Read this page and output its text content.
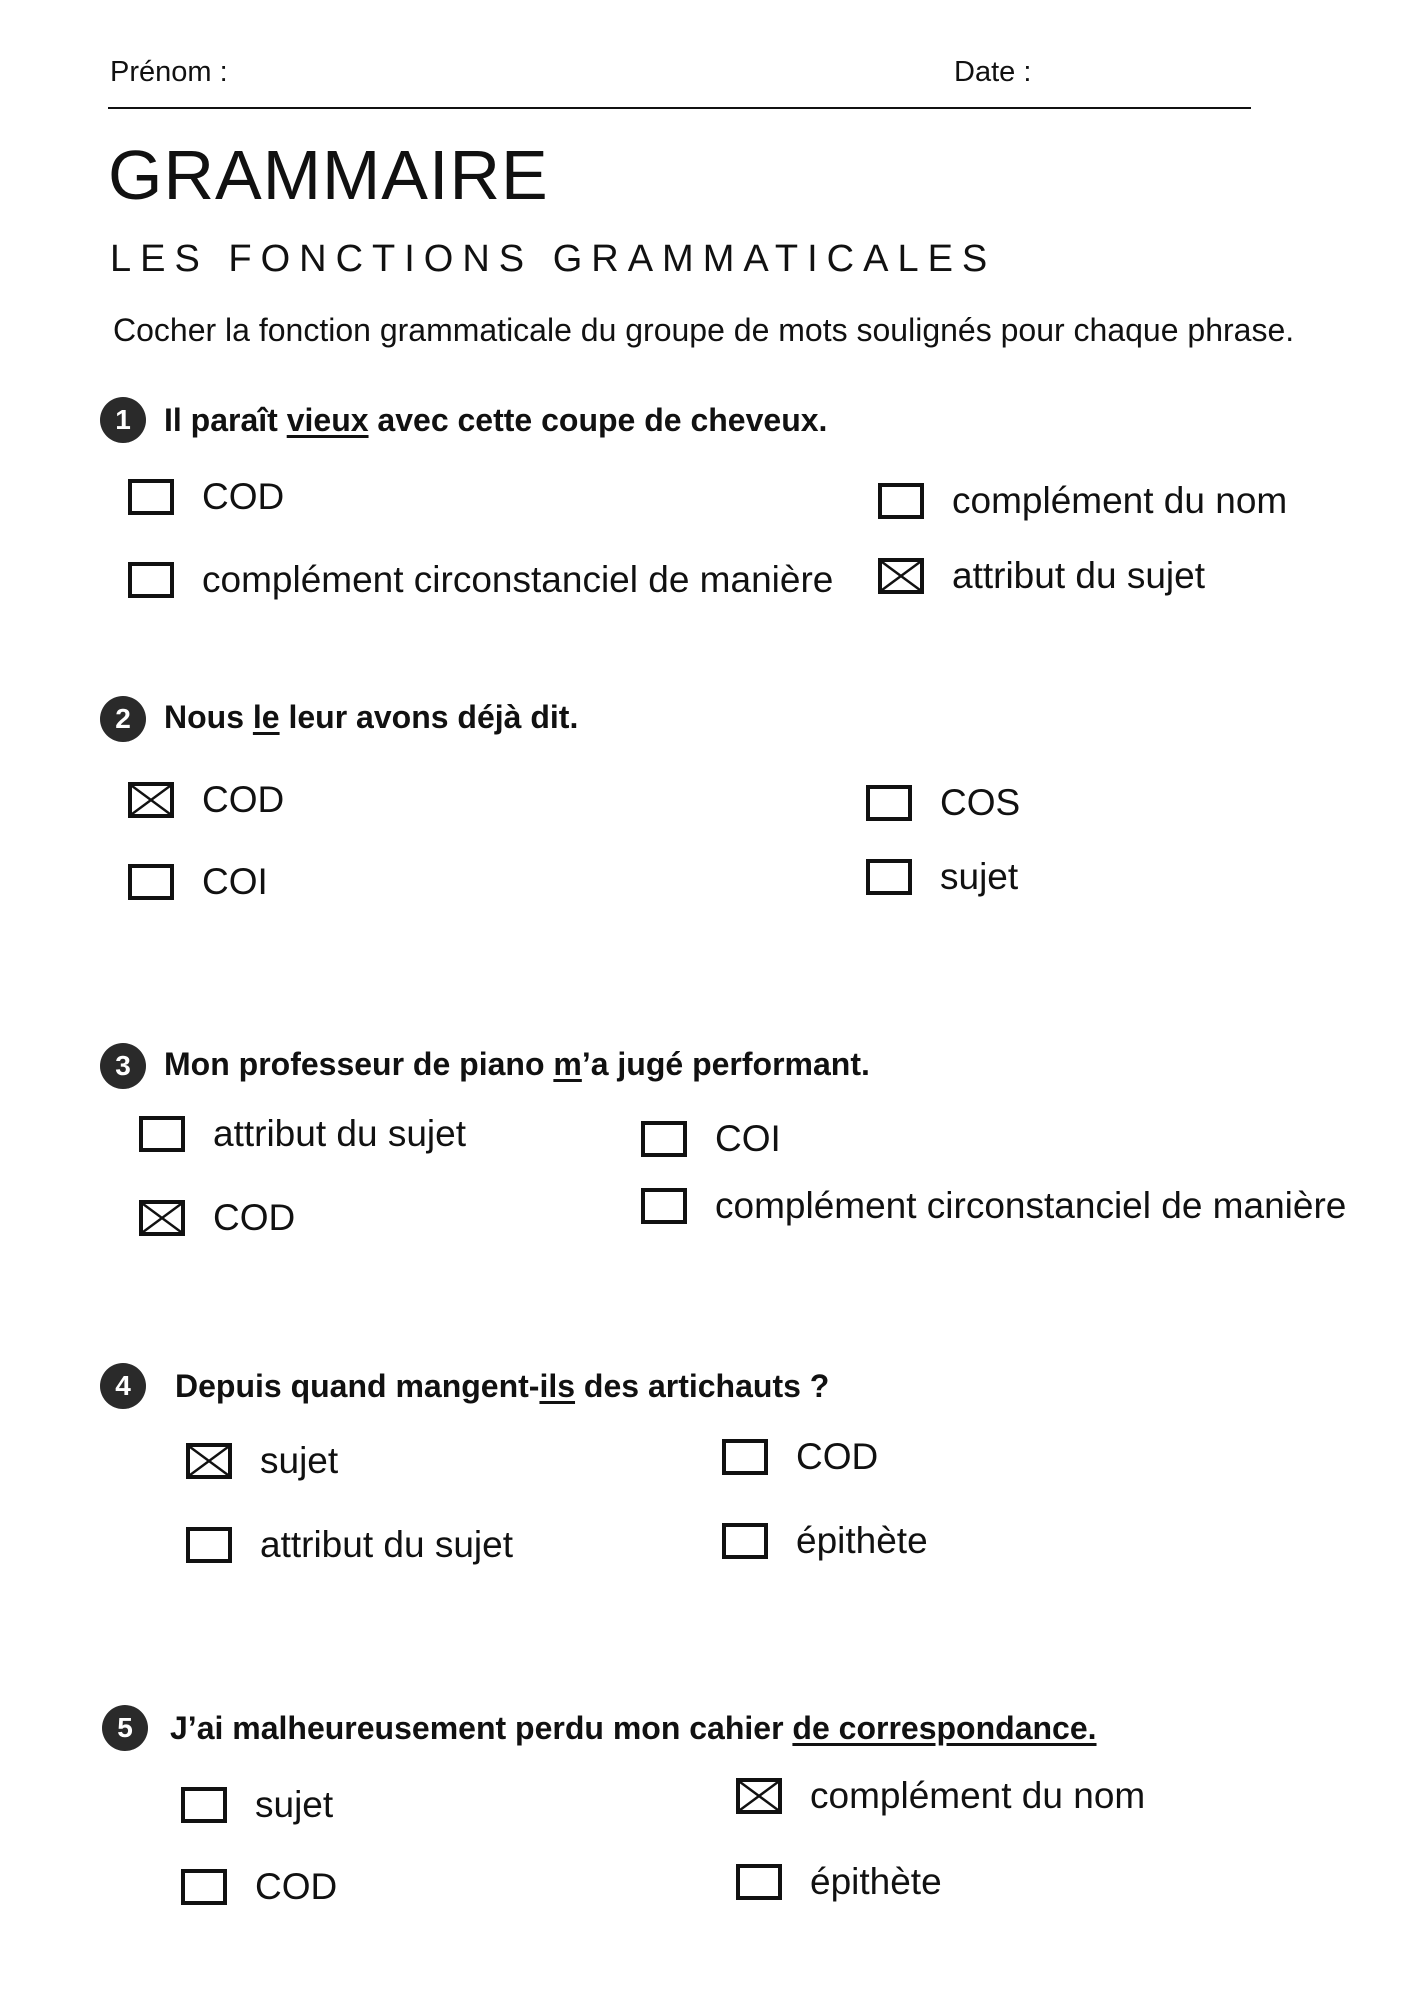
Prénom :	Date :
GRAMMAIRE
LES FONCTIONS GRAMMATICALES
Cocher la fonction grammaticale du groupe de mots soulignés pour chaque phrase.
1	Il paraît vieux avec cette coupe de cheveux.
COD
complément circonstanciel de manière
complément du nom
attribut du sujet
2	Nous le leur avons déjà dit.
COD
COI
COS
sujet
3	Mon professeur de piano m’a jugé performant.
attribut du sujet
COD
COI
complément circonstanciel de manière
4	Depuis quand mangent-ils des artichauts ?
sujet
attribut du sujet
COD
épithète
5	J’ai malheureusement perdu mon cahier de correspondance.
sujet
COD
complément du nom
épithète
